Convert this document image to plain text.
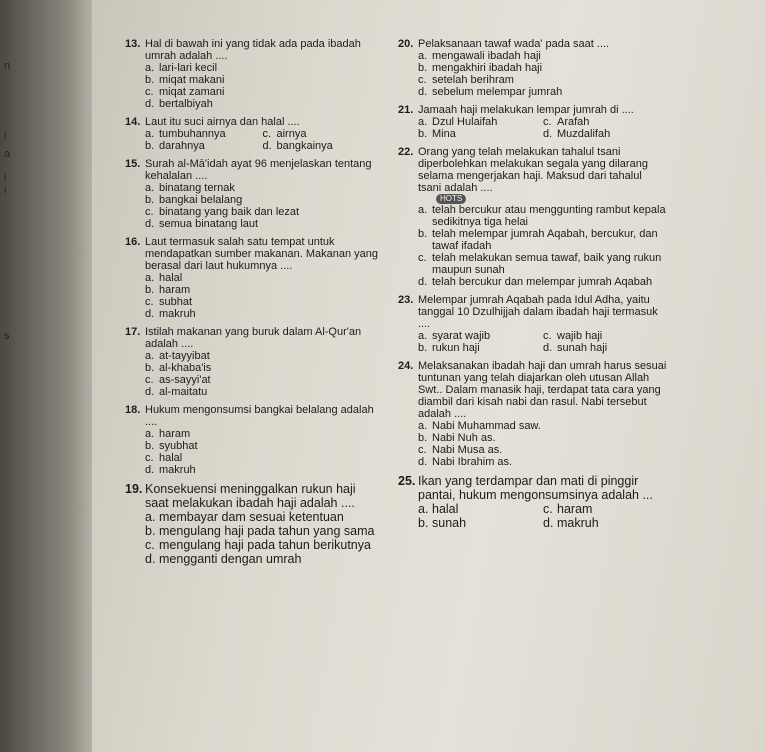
n
i
a
i
i
s
13. Hal di bawah ini yang tidak ada pada ibadah umrah adalah ....
a. lari-lari kecil
b. miqat makani
c. miqat zamani
d. bertalbiyah
14. Laut itu suci airnya dan halal ....
a. tumbuhannya	c. airnya
b. darahnya	d. bangkainya
15. Surah al-Mā'idah ayat 96 menjelaskan tentang kehalalan ....
a. binatang ternak
b. bangkai belalang
c. binatang yang baik dan lezat
d. semua binatang laut
16. Laut termasuk salah satu tempat untuk mendapatkan sumber makanan. Makanan yang berasal dari laut hukumnya ....
a. halal
b. haram
c. subhat
d. makruh
17. Istilah makanan yang buruk dalam Al-Qur'an adalah ....
a. at-tayyibat
b. al-khaba'is
c. as-sayyi'at
d. al-maitatu
18. Hukum mengonsumsi bangkai belalang adalah ....
a. haram
b. syubhat
c. halal
d. makruh
19. Konsekuensi meninggalkan rukun haji saat melakukan ibadah haji adalah ....
a. membayar dam sesuai ketentuan
b. mengulang haji pada tahun yang sama
c. mengulang haji pada tahun berikutnya
d. mengganti dengan umrah
20. Pelaksanaan tawaf wada' pada saat ....
a. mengawali ibadah haji
b. mengakhiri ibadah haji
c. setelah berihram
d. sebelum melempar jumrah
21. Jamaah haji melakukan lempar jumrah di ....
a. Dzul Hulaifah	c. Arafah
b. Mina	d. Muzdalifah
22. Orang yang telah melakukan tahalul tsani diperbolehkan melakukan segala yang dilarang selama mengerjakan haji. Maksud dari tahalul tsani adalah ....
HOTS
a. telah bercukur atau menggunting rambut kepala sedikitnya tiga helai
b. telah melempar jumrah Aqabah, bercukur, dan tawaf ifadah
c. telah melakukan semua tawaf, baik yang rukun maupun sunah
d. telah bercukur dan melempar jumrah Aqabah
23. Melempar jumrah Aqabah pada Idul Adha, yaitu tanggal 10 Dzulhijjah dalam ibadah haji termasuk ....
a. syarat wajib	c. wajib haji
b. rukun haji	d. sunah haji
24. Melaksanakan ibadah haji dan umrah harus sesuai tuntunan yang telah diajarkan oleh utusan Allah Swt.. Dalam manasik haji, terdapat tata cara yang diambil dari kisah nabi dan rasul. Nabi tersebut adalah ....
a. Nabi Muhammad saw.
b. Nabi Nuh as.
c. Nabi Musa as.
d. Nabi Ibrahim as.
25. Ikan yang terdampar dan mati di pinggir pantai, hukum mengonsumsinya adalah ...
a. halal	c. haram
b. sunah	d. makruh
